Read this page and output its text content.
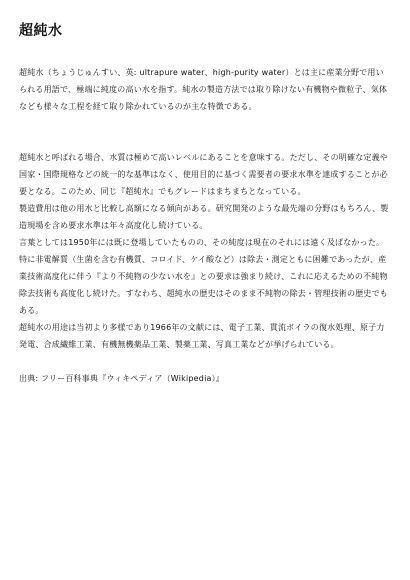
超純水

超純水（ちょうじゅんすい、英: ultrapure water、high-purity water）とは主に産業分野で用いられる用語で、極端に純度の高い水を指す。純水の製造方法では取り除けない有機物や微粒子、気体なども様々な工程を経て取り除かれているのが主な特徴である。

超純水と呼ばれる場合、水質は極めて高いレベルにあることを意味する。ただし、その明確な定義や国家・国際規格などの統一的な基準はなく、使用目的に基づく需要者の要求水準を達成することが必要となる。このため、同じ『超純水』でもグレードはまちまちとなっている。

製造費用は他の用水と比較し高額になる傾向がある。研究開発のような最先端の分野はもちろん、製造現場を含め要求水準は年々高度化し続けている。

言葉としては1950年には既に登場していたものの、その純度は現在のそれには遠く及ばなかった。特に非電解質（生菌を含む有機質、コロイド、ケイ酸など）は除去・測定ともに困難であったが、産業技術高度化に伴う『より不純物の少ない水を』との要求は強まり続け、これに応えるための不純物除去技術も高度化し続けた。すなわち、超純水の歴史はそのまま不純物の除去・管理技術の歴史でもある。

超純水の用途は当初より多様であり1966年の文献には、電子工業、貫流ボイラの復水処理、原子力発電、合成繊維工業、有機無機薬品工業、製薬工業、写真工業などが挙げられている。

出典: フリー百科事典『ウィキペディア（Wikipedia）』
